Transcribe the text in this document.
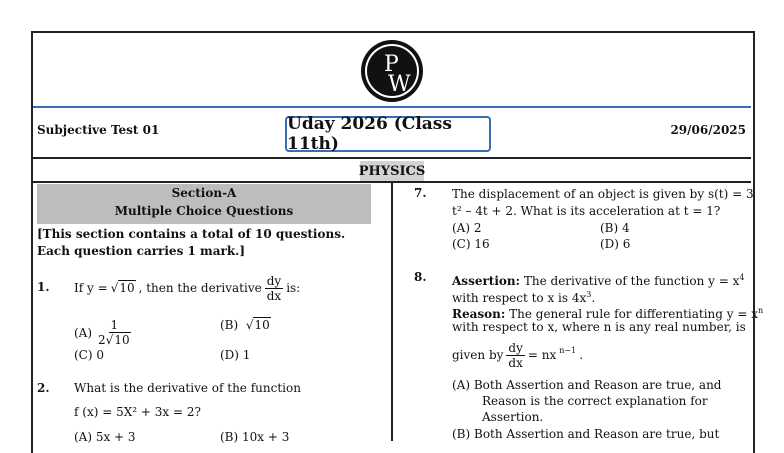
P
W
Subjective Test 01	Uday 2026 (Class 11th)
29/06/2025
PHYSICS
Section-A
Multiple Choice Questions
[This section contains a total of 10 questions. Each question carries 1 mark.]
1. If y = √10 , then the derivative $\frac{dy}{dx}$ is:
$(A) \frac{1}{2√10}$	(B)  √10
(C) 0	(D) 1
2. What is the derivative of the function
f (x) = 5X² + 3x = 2?
(A) 5x + 3	(B) 10x + 3
7. The displacement of an object is given by s(t) = 3
t² – 4t + 2. What is its acceleration at t = 1?
(A) 2	(B) 4
(C) 16	(D) 6
8. Assertion: The derivative of the function $y = x^4$
with respect to x is $4x^3$.
Reason: The general rule for differentiating $y = x^n$
with respect to x, where n is any real number, is
given by $\frac{dy}{dx}$ = nx $^{n-1}$ .
(A) Both Assertion and Reason are true, and
Reason is the correct explanation for
Assertion.
(B) Both Assertion and Reason are true, but
